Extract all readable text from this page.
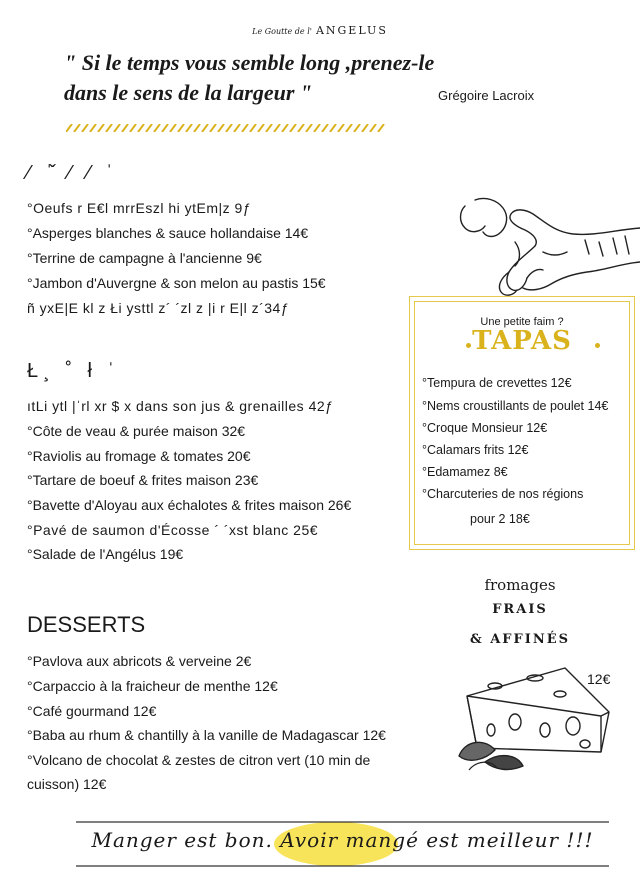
Le Goutte de l' ANGELUS
" Si le temps vous semble long ,prenez-le
dans le sens de la largeur "	Grégoire Lacroix
⁄ ˈ̌ ⁄ ⁄ ˈ
°Oeufs r E€l mrrEszl hi ytEm|z 9ƒ
°Asperges blanches & sauce hollandaise 14€
°Terrine de campagne à l'ancienne 9€
°Jambon d'Auvergne & son melon au pastis 15€
ñ yxE|E kl z Łi ysttl z´ ´zl z |i r E|l z´34ƒ
Ł¸ ˚ ł ˈ
ıtLi ytl |ˈrl xr $ x dans son jus & grenailles 42ƒ
°Côte de veau & purée maison 32€
°Raviolis au fromage & tomates 20€
°Tartare de boeuf & frites maison 23€
°Bavette d'Aloyau aux échalotes & frites maison 26€
°Pavé de saumon d'Écosse ´ ´xst blanc 25€
°Salade de l'Angélus 19€
DESSERTS
°Pavlova aux abricots & verveine 2€
°Carpaccio à la fraicheur de menthe 12€
°Café gourmand 12€
°Baba au rhum & chantilly à la vanille de Madagascar 12€
°Volcano de chocolat & zestes de citron vert (10 min de
cuisson) 12€
Une petite faim ?
TAPAS
°Tempura de crevettes 12€
°Nems croustillants de poulet 14€
°Croque Monsieur 12€
°Calamars frits 12€
°Edamamez 8€
°Charcuteries de nos régions
pour 2 18€
fromages
FRAIS
& AFFINÉS
12€
Manger est bon. Avoir mangé est meilleur !!!
